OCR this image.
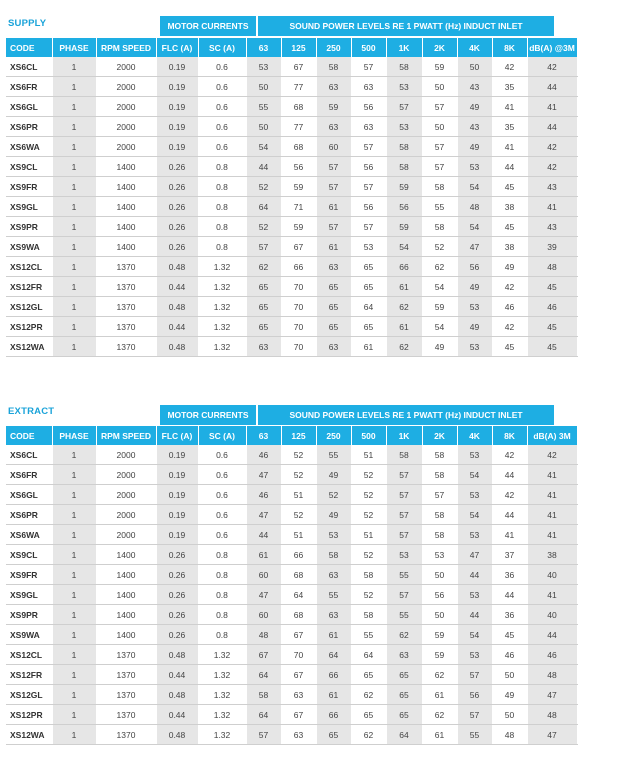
SUPPLY	MOTOR CURRENTS	SOUND POWER LEVELS RE 1 PWATT (Hz) INDUCT INLET
CODE	PHASE	RPM SPEED	FLC (A)	SC (A)	63	125	250	500	1K	2K	4K	8K	dB(A) @3M
XS6CL	1	2000	0.19	0.6	53	67	58	57	58	59	50	42	42
XS6FR	1	2000	0.19	0.6	50	77	63	63	53	50	43	35	44
XS6GL	1	2000	0.19	0.6	55	68	59	56	57	57	49	41	41
XS6PR	1	2000	0.19	0.6	50	77	63	63	53	50	43	35	44
XS6WA	1	2000	0.19	0.6	54	68	60	57	58	57	49	41	42
XS9CL	1	1400	0.26	0.8	44	56	57	56	58	57	53	44	42
XS9FR	1	1400	0.26	0.8	52	59	57	57	59	58	54	45	43
XS9GL	1	1400	0.26	0.8	64	71	61	56	56	55	48	38	41
XS9PR	1	1400	0.26	0.8	52	59	57	57	59	58	54	45	43
XS9WA	1	1400	0.26	0.8	57	67	61	53	54	52	47	38	39
XS12CL	1	1370	0.48	1.32	62	66	63	65	66	62	56	49	48
XS12FR	1	1370	0.44	1.32	65	70	65	65	61	54	49	42	45
XS12GL	1	1370	0.48	1.32	65	70	65	64	62	59	53	46	46
XS12PR	1	1370	0.44	1.32	65	70	65	65	61	54	49	42	45
XS12WA	1	1370	0.48	1.32	63	70	63	61	62	49	53	45	45
EXTRACT	MOTOR CURRENTS	SOUND POWER LEVELS RE 1 PWATT (Hz) INDUCT INLET
CODE	PHASE	RPM SPEED	FLC (A)	SC (A)	63	125	250	500	1K	2K	4K	8K	dB(A) 3M
XS6CL	1	2000	0.19	0.6	46	52	55	51	58	58	53	42	42
XS6FR	1	2000	0.19	0.6	47	52	49	52	57	58	54	44	41
XS6GL	1	2000	0.19	0.6	46	51	52	52	57	57	53	42	41
XS6PR	1	2000	0.19	0.6	47	52	49	52	57	58	54	44	41
XS6WA	1	2000	0.19	0.6	44	51	53	51	57	58	53	41	41
XS9CL	1	1400	0.26	0.8	61	66	58	52	53	53	47	37	38
XS9FR	1	1400	0.26	0.8	60	68	63	58	55	50	44	36	40
XS9GL	1	1400	0.26	0.8	47	64	55	52	57	56	53	44	41
XS9PR	1	1400	0.26	0.8	60	68	63	58	55	50	44	36	40
XS9WA	1	1400	0.26	0.8	48	67	61	55	62	59	54	45	44
XS12CL	1	1370	0.48	1.32	67	70	64	64	63	59	53	46	46
XS12FR	1	1370	0.44	1.32	64	67	66	65	65	62	57	50	48
XS12GL	1	1370	0.48	1.32	58	63	61	62	65	61	56	49	47
XS12PR	1	1370	0.44	1.32	64	67	66	65	65	62	57	50	48
XS12WA	1	1370	0.48	1.32	57	63	65	62	64	61	55	48	47
